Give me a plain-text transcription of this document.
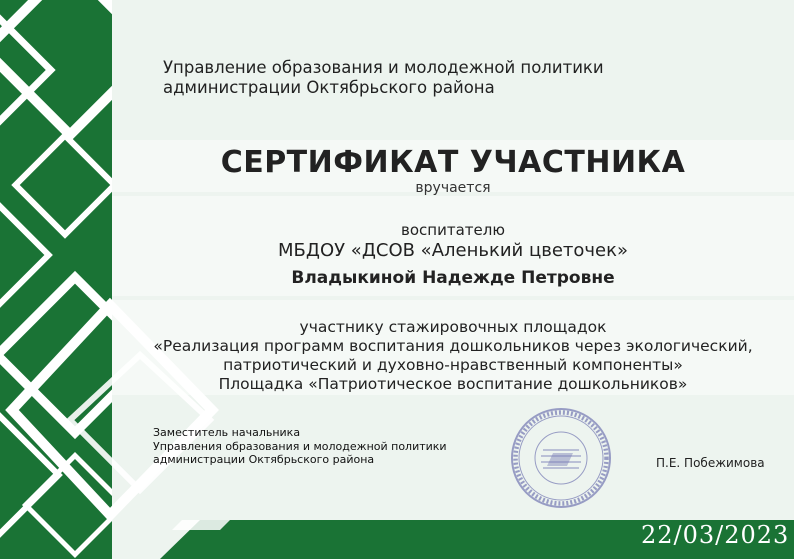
Управление образования и молодежной политики
администрации Октябрьского района
СЕРТИФИКАТ УЧАСТНИКА
вручается
воспитателю
МБДОУ «ДСОВ «Аленький цветочек»
Владыкиной Надежде Петровне
участнику стажировочных площадок
«Реализация программ воспитания дошкольников через экологический,
патриотический и духовно-нравственный компоненты»
Площадка «Патриотическое воспитание дошкольников»
Заместитель начальника
Управления образования и молодежной политики
администрации Октябрьского района	П.Е. Побежимова
22/03/2023
